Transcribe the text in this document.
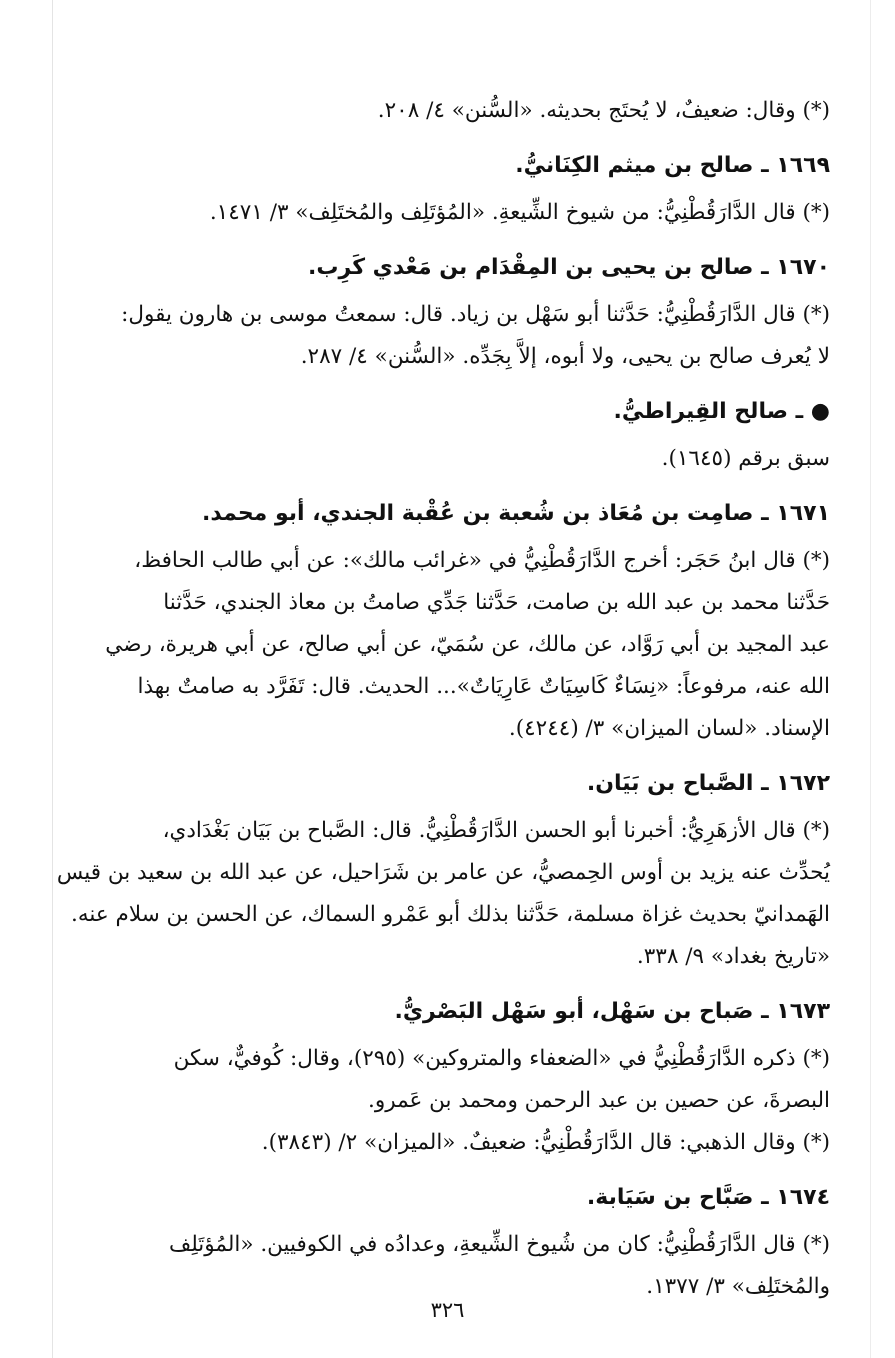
(*) وقال: ضعيفٌ، لا يُحتَج بحديثه. «السُّنن» ٤/ ٢٠٨.
١٦٦٩ ـ صالح بن ميثم الكِنَانيُّ.
(*) قال الدَّارَقُطْنِيُّ: من شيوخ الشِّيعةِ. «المُؤتَلِف والمُختَلِف» ٣/ ١٤٧١.
١٦٧٠ ـ صالح بن يحيى بن المِقْدَام بن مَعْدي كَرِب.
(*) قال الدَّارَقُطْنِيُّ: حَدَّثنا أبو سَهْل بن زياد. قال: سمعتُ موسى بن هارون يقول:
لا يُعرف صالح بن يحيى، ولا أبوه، إلاَّ بِجَدِّه. «السُّنن» ٤/ ٢٨٧.
● ـ صالح القِيراطيُّ.
سبق برقم (١٦٤٥).
١٦٧١ ـ صامِت بن مُعَاذ بن شُعبة بن عُقْبة الجندي، أبو محمد.
(*) قال ابنُ حَجَر: أخرج الدَّارَقُطْنِيُّ في «غرائب مالك»: عن أبي طالب الحافظ،
حَدَّثنا محمد بن عبد الله بن صامت، حَدَّثنا جَدِّي صامتُ بن معاذ الجندي، حَدَّثنا
عبد المجيد بن أبي رَوَّاد، عن مالك، عن سُمَيّ، عن أبي صالح، عن أبي هريرة، رضي
الله عنه، مرفوعاً: «نِسَاءٌ كَاسِيَاتٌ عَارِيَاتٌ»... الحديث. قال: تَفَرَّد به صامتٌ بهذا
الإسناد. «لسان الميزان» ٣/ (٤٢٤٤).
١٦٧٢ ـ الصَّباح بن بَيَان.
(*) قال الأزهَرِيُّ: أخبرنا أبو الحسن الدَّارَقُطْنِيُّ. قال: الصَّباح بن بَيَان بَغْدَادي،
يُحدِّث عنه يزيد بن أوس الحِمصيُّ، عن عامر بن شَرَاحيل، عن عبد الله بن سعيد بن قيس
الهَمدانيّ بحديث غزاة مسلمة، حَدَّثنا بذلك أبو عَمْرو السماك، عن الحسن بن سلام عنه.
«تاريخ بغداد» ٩/ ٣٣٨.
١٦٧٣ ـ صَباح بن سَهْل، أبو سَهْل البَصْريُّ.
(*) ذكره الدَّارَقُطْنِيُّ في «الضعفاء والمتروكين» (٢٩٥)، وقال: كُوفيٌّ، سكن
البصرةَ، عن حصين بن عبد الرحمن ومحمد بن عَمرو.
(*) وقال الذهبي: قال الدَّارَقُطْنِيُّ: ضعيفٌ. «الميزان» ٢/ (٣٨٤٣).
١٦٧٤ ـ صَبَّاح بن سَيَابة.
(*) قال الدَّارَقُطْنِيُّ: كان من شُيوخ الشِّيعةِ، وعدادُه في الكوفيين. «المُؤتَلِف
والمُختَلِف» ٣/ ١٣٧٧.
٣٢٦
